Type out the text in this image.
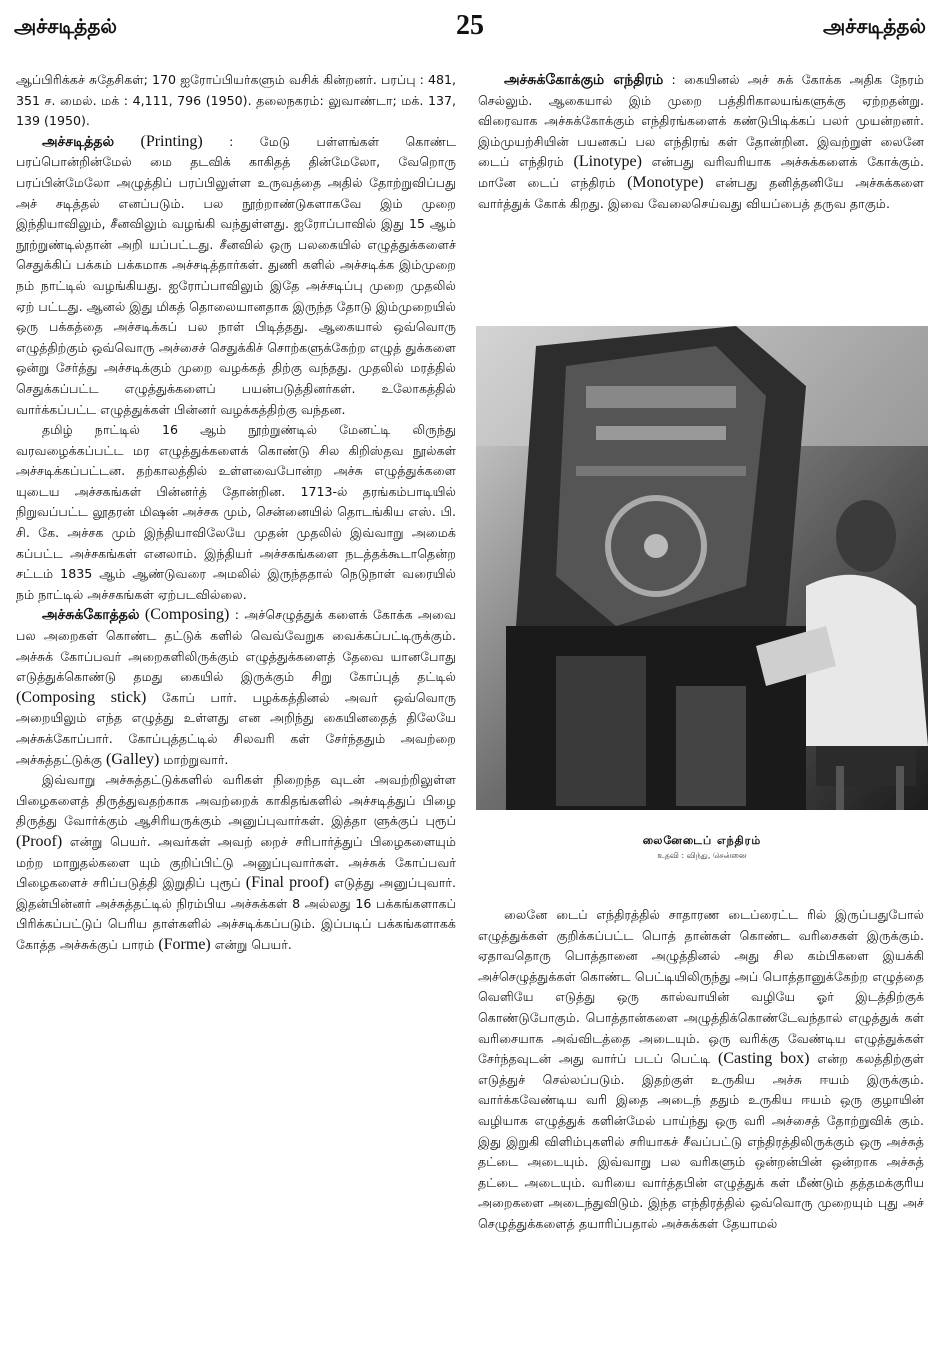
அச்சடித்தல்	25	அச்சடித்தல்

ஆப்பிரிக்கச் சுதேசிகள்; 170 ஐரோப்பியர்களும் வசிக் கின்றனர். பரப்பு : 481, 351 ச. மைல். மக் : 4,111, 796 (1950). தலைநகரம்: லுவாண்டா; மக். 137, 139 (1950).

அச்சடித்தல் (Printing) : மேடு பள்ளங்கள் கொண்ட பரப்பொன்றின்மேல் மை தடவிக் காகிதத் தின்மேலோ, வேறொரு பரப்பின்மேலோ அழுத்திப் பரப்பிலுள்ள உருவத்தை அதில் தோற்றுவிப்பது அச் சடித்தல் எனப்படும். பல நூற்றாண்டுகளாகவே இம் முறை இந்தியாவிலும், சீனவிலும் வழங்கி வந்துள்ளது. ஐரோப்பாவில் இது 15 ஆம் நூற்றுண்டில்தான் அறி யப்பட்டது. சீனவில் ஒரு பலகையில் எழுத்துக்களைச் செதுக்கிப் பக்கம் பக்கமாக அச்சடித்தார்கள். துணி களில் அச்சடிக்க இம்முறை நம் நாட்டில் வழங்கியது. ஐரோப்பாவிலும் இதே அச்சடிப்பு முறை முதலில் ஏற் பட்டது. ஆனல் இது மிகத் தொலையானதாக இருந்த தோடு இம்முறையில் ஒரு பக்கத்தை அச்சடிக்கப் பல நாள் பிடித்தது. ஆகையால் ஒவ்வொரு எழுத்திற்கும் ஒவ்வொரு அச்சைச் செதுக்கிச் சொற்களுக்கேற்ற எழுத் துக்களை ஒன்று சேர்த்து அச்சடிக்கும் முறை வழக்கத் திற்கு வந்தது. முதலில் மரத்தில் செதுக்கப்பட்ட எழுத்துக்களைப் பயன்படுத்தினர்கள். உலோகத்தில் வார்க்கப்பட்ட எழுத்துக்கள் பின்னர் வழக்கத்திற்கு வந்தன.

தமிழ் நாட்டில் 16 ஆம் நூற்றுண்டில் மேனட்டி லிருந்து வரவழைக்கப்பட்ட மர எழுத்துக்களைக் கொண்டு சில கிறிஸ்தவ நூல்கள் அச்சடிக்கப்பட்டன. தற்காலத்தில் உள்ளவைபோன்ற அச்சு எழுத்துக்களை யுடைய அச்சகங்கள் பின்னர்த் தோன்றின. 1713-ல் தரங்கம்பாடியில் நிறுவப்பட்ட லூதரன் மிஷன் அச்சக மும், சென்னையில் தொடங்கிய எஸ். பி. சி. கே. அச்சக மும் இந்தியாவிலேயே முதன் முதலில் இவ்வாறு அமைக் கப்பட்ட அச்சகங்கள் எனலாம். இந்தியர் அச்சகங்களை நடத்தக்கூடாதென்ற சட்டம் 1835 ஆம் ஆண்டுவரை அமலில் இருந்ததால் நெடுநாள் வரையில் நம் நாட்டில் அச்சகங்கள் ஏற்படவில்லை.

அச்சுக்கோத்தல் (Composing) : அச்செழுத்துக் களைக் கோக்க அவை பல அறைகள் கொண்ட தட்டுக் களில் வெவ்வேறுக வைக்கப்பட்டிருக்கும். அச்சுக் கோப்பவர் அறைகளிலிருக்கும் எழுத்துக்களைத் தேவை யானபோது எடுத்துக்கொண்டு தமது கையில் இருக்கும் சிறு கோப்புத் தட்டில் (Composing stick) கோப் பார். பழக்கத்தினல் அவர் ஒவ்வொரு அறையிலும் எந்த எழுத்து உள்ளது என அறிந்து கையினதைத் திலேயே அச்சுக்கோப்பார். கோப்புத்தட்டில் சிலவரி கள் சேர்ந்ததும் அவற்றை அச்சுத்தட்டுக்கு (Galley) மாற்றுவார்.

இவ்வாறு அச்சுத்தட்டுக்களில் வரிகள் நிறைந்த வுடன் அவற்றிலுள்ள பிழைகளைத் திருத்துவதற்காக அவற்றைக் காகிதங்களில் அச்சடித்துப் பிழை திருத்து வோர்க்கும் ஆசிரியருக்கும் அனுப்புவார்கள். இத்தா ளுக்குப் புரூப் (Proof) என்று பெயர். அவர்கள் அவற் றைச் சரிபார்த்துப் பிழைகளையும் மற்ற மாறுதல்களை யும் குறிப்பிட்டு அனுப்புவார்கள். அச்சுக் கோப்பவர் பிழைகளைச் சரிப்படுத்தி இறுதிப் புரூப் (Final proof) எடுத்து அனுப்புவார். இதன்பின்னர் அச்சுத்தட்டில் நிரம்பிய அச்சுக்கள் 8 அல்லது 16 பக்கங்களாகப் பிரிக்கப்பட்டுப் பெரிய தாள்களில் அச்சடிக்கப்படும். இப்படிப் பக்கங்களாகக் கோத்த அச்சுக்குப் பாரம் (Forme) என்று பெயர்.

அச்சுக்கோக்கும் எந்திரம் : கையினல் அச் சுக் கோக்க அதிக நேரம் செல்லும். ஆகையால் இம் முறை பத்திரிகாலயங்களுக்கு ஏற்றதன்று. விரைவாக அச்சுக்கோக்கும் எந்திரங்களைக் கண்டுபிடிக்கப் பலர் முயன்றனர். இம்முயற்சியின் பயனகப் பல எந்திரங் கள் தோன்றின. இவற்றுள் லைனே டைப் எந்திரம் (Linotype) என்பது வரிவரியாக அச்சுக்களைக் கோக்கும். மானே டைப் எந்திரம் (Monotype) என்பது தனித்தனியே அச்சுக்களை வார்த்துக் கோக் கிறது. இவை வேலைசெய்வது வியப்பைத் தருவ தாகும்.

லைனேடைப் எந்திரம்
உதவி : விந்து, சென்னை

லைனே டைப் எந்திரத்தில் சாதாரண டைப்ரைட்ட ரில் இருப்பதுபோல் எழுத்துக்கள் குறிக்கப்பட்ட பொத் தான்கள் கொண்ட வரிசைகள் இருக்கும். ஏதாவதொரு பொத்தானை அழுத்தினல் அது சில கம்பிகளை இயக்கி அச்செழுத்துக்கள் கொண்ட பெட்டியிலிருந்து அப் பொத்தானுக்கேற்ற எழுத்தை வெளியே எடுத்து ஒரு கால்வாயின் வழியே ஓர் இடத்திற்குக் கொண்டுபோகும். பொத்தான்களை அழுத்திக்கொண்டேவந்தால் எழுத்துக் கள் வரிசையாக அவ்விடத்தை அடையும். ஒரு வரிக்கு வேண்டிய எழுத்துக்கள் சேர்ந்தவுடன் அது வார்ப் படப் பெட்டி (Casting box) என்ற கலத்திற்குள் எடுத்துச் செல்லப்படும். இதற்குள் உருகிய அச்சு ஈயம் இருக்கும். வார்க்கவேண்டிய வரி இதை அடைந் ததும் உருகிய ஈயம் ஒரு குழாயின் வழியாக எழுத்துக் களின்மேல் பாய்ந்து ஒரு வரி அச்சைத் தோற்றுவிக் கும். இது இறுகி விளிம்புகளில் சரியாகச் சீவப்பட்டு எந்திரத்திலிருக்கும் ஒரு அச்சுத் தட்டை அடையும். இவ்வாறு பல வரிகளும் ஒன்றன்பின் ஒன்றாக அச்சுத் தட்டை அடையும். வரியை வார்த்தபின் எழுத்துக் கள் மீண்டும் தத்தமக்குரிய அறைகளை அடைந்துவிடும். இந்த எந்திரத்தில் ஒவ்வொரு முறையும் புது அச் செழுத்துக்களைத் தயாரிப்பதால் அச்சுக்கள் தேயாமல்
